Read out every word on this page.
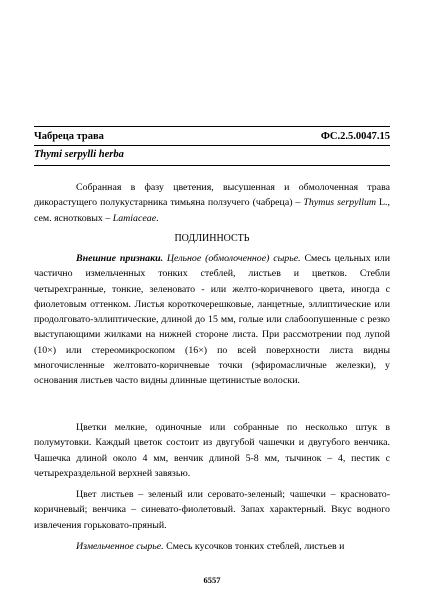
Чабреца трава	ФС.2.5.0047.15
Thymi serpylli herba

Собранная в фазу цветения, высушенная и обмолоченная трава дикорастущего полукустарника тимьяна ползучего (чабреца) – Thymus serpyllum L., сем. яснотковых – Lamiaceae.

ПОДЛИННОСТЬ

Внешние признаки. Цельное (обмолоченное) сырье. Смесь цельных или частично измельченных тонких стеблей, листьев и цветков. Стебли четырехгранные, тонкие, зеленовато - или желто-коричневого цвета, иногда с фиолетовым оттенком. Листья короткочерешковые, ланцетные, эллиптические или продолговато-эллиптические, длиной до 15 мм, голые или слабоопушенные с резко выступающими жилками на нижней стороне листа. При рассмотрении под лупой (10×) или стереомикроскопом (16×) по всей поверхности листа видны многочисленные желтовато-коричневые точки (эфиромасличные железки), у основания листьев часто видны длинные щетинистые волоски.

Цветки мелкие, одиночные или собранные по несколько штук в полумутовки. Каждый цветок состоит из двугубой чашечки и двугубого венчика. Чашечка длиной около 4 мм, венчик длиной 5-8 мм, тычинок – 4, пестик с четырехраздельной верхней завязью.

Цвет листьев – зеленый или серовато-зеленый; чашечки – красновато-коричневый; венчика – синевато-фиолетовый. Запах характерный. Вкус водного извлечения горьковато-пряный.

Измельченное сырье. Смесь кусочков тонких стеблей, листьев и

6557
